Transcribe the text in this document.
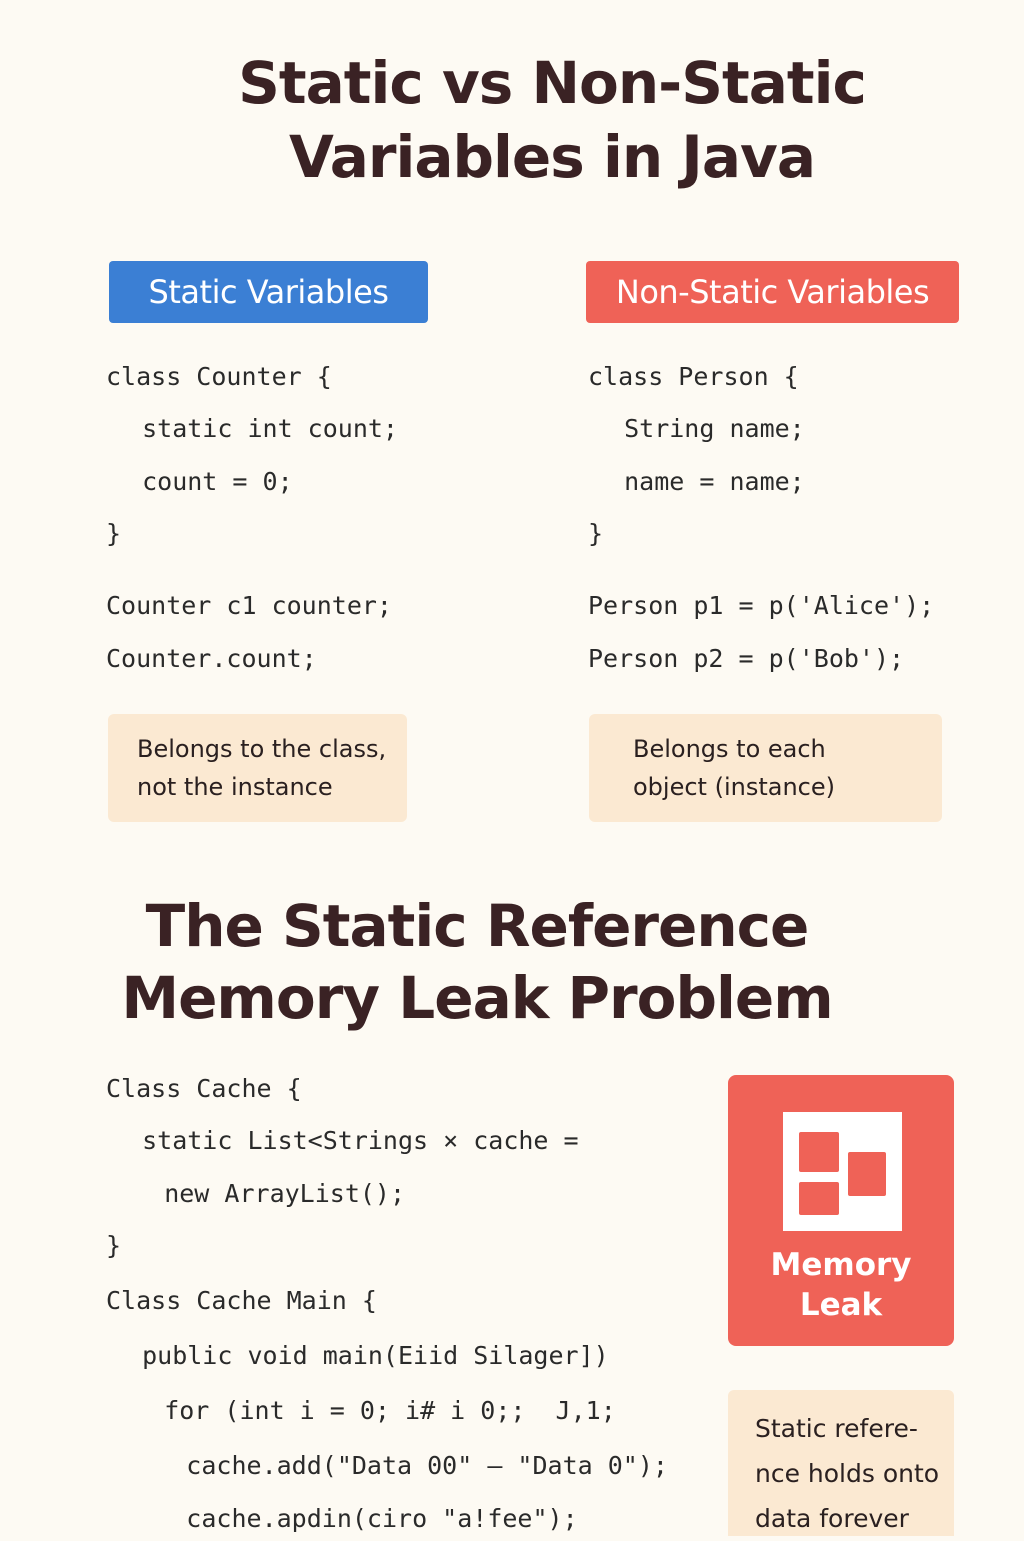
Static vs Non-Static
Variables in Java
Static Variables

class Counter {

static int count;

count = 0;

}

Counter c1 counter;

Counter.count;

Belongs to the class,
not the instance
Non-Static Variables

class Person {

String name;

name = name;

}

Person p1 = p('Alice');

Person p2 = p('Bob');

Belongs to each
object (instance)
The Static Reference
Memory Leak Problem

Class Cache {

static List<Strings × cache =

new ArrayList();

}

Class Cache Main {

public void main(Eiid Silager])

for (int i = 0; i# i 0;;  J,1;

cache.add("Data 00" – "Data 0");

cache.apdin(ciro "a!fee");

Memory
Leak
Static refere-
nce holds onto
data forever
